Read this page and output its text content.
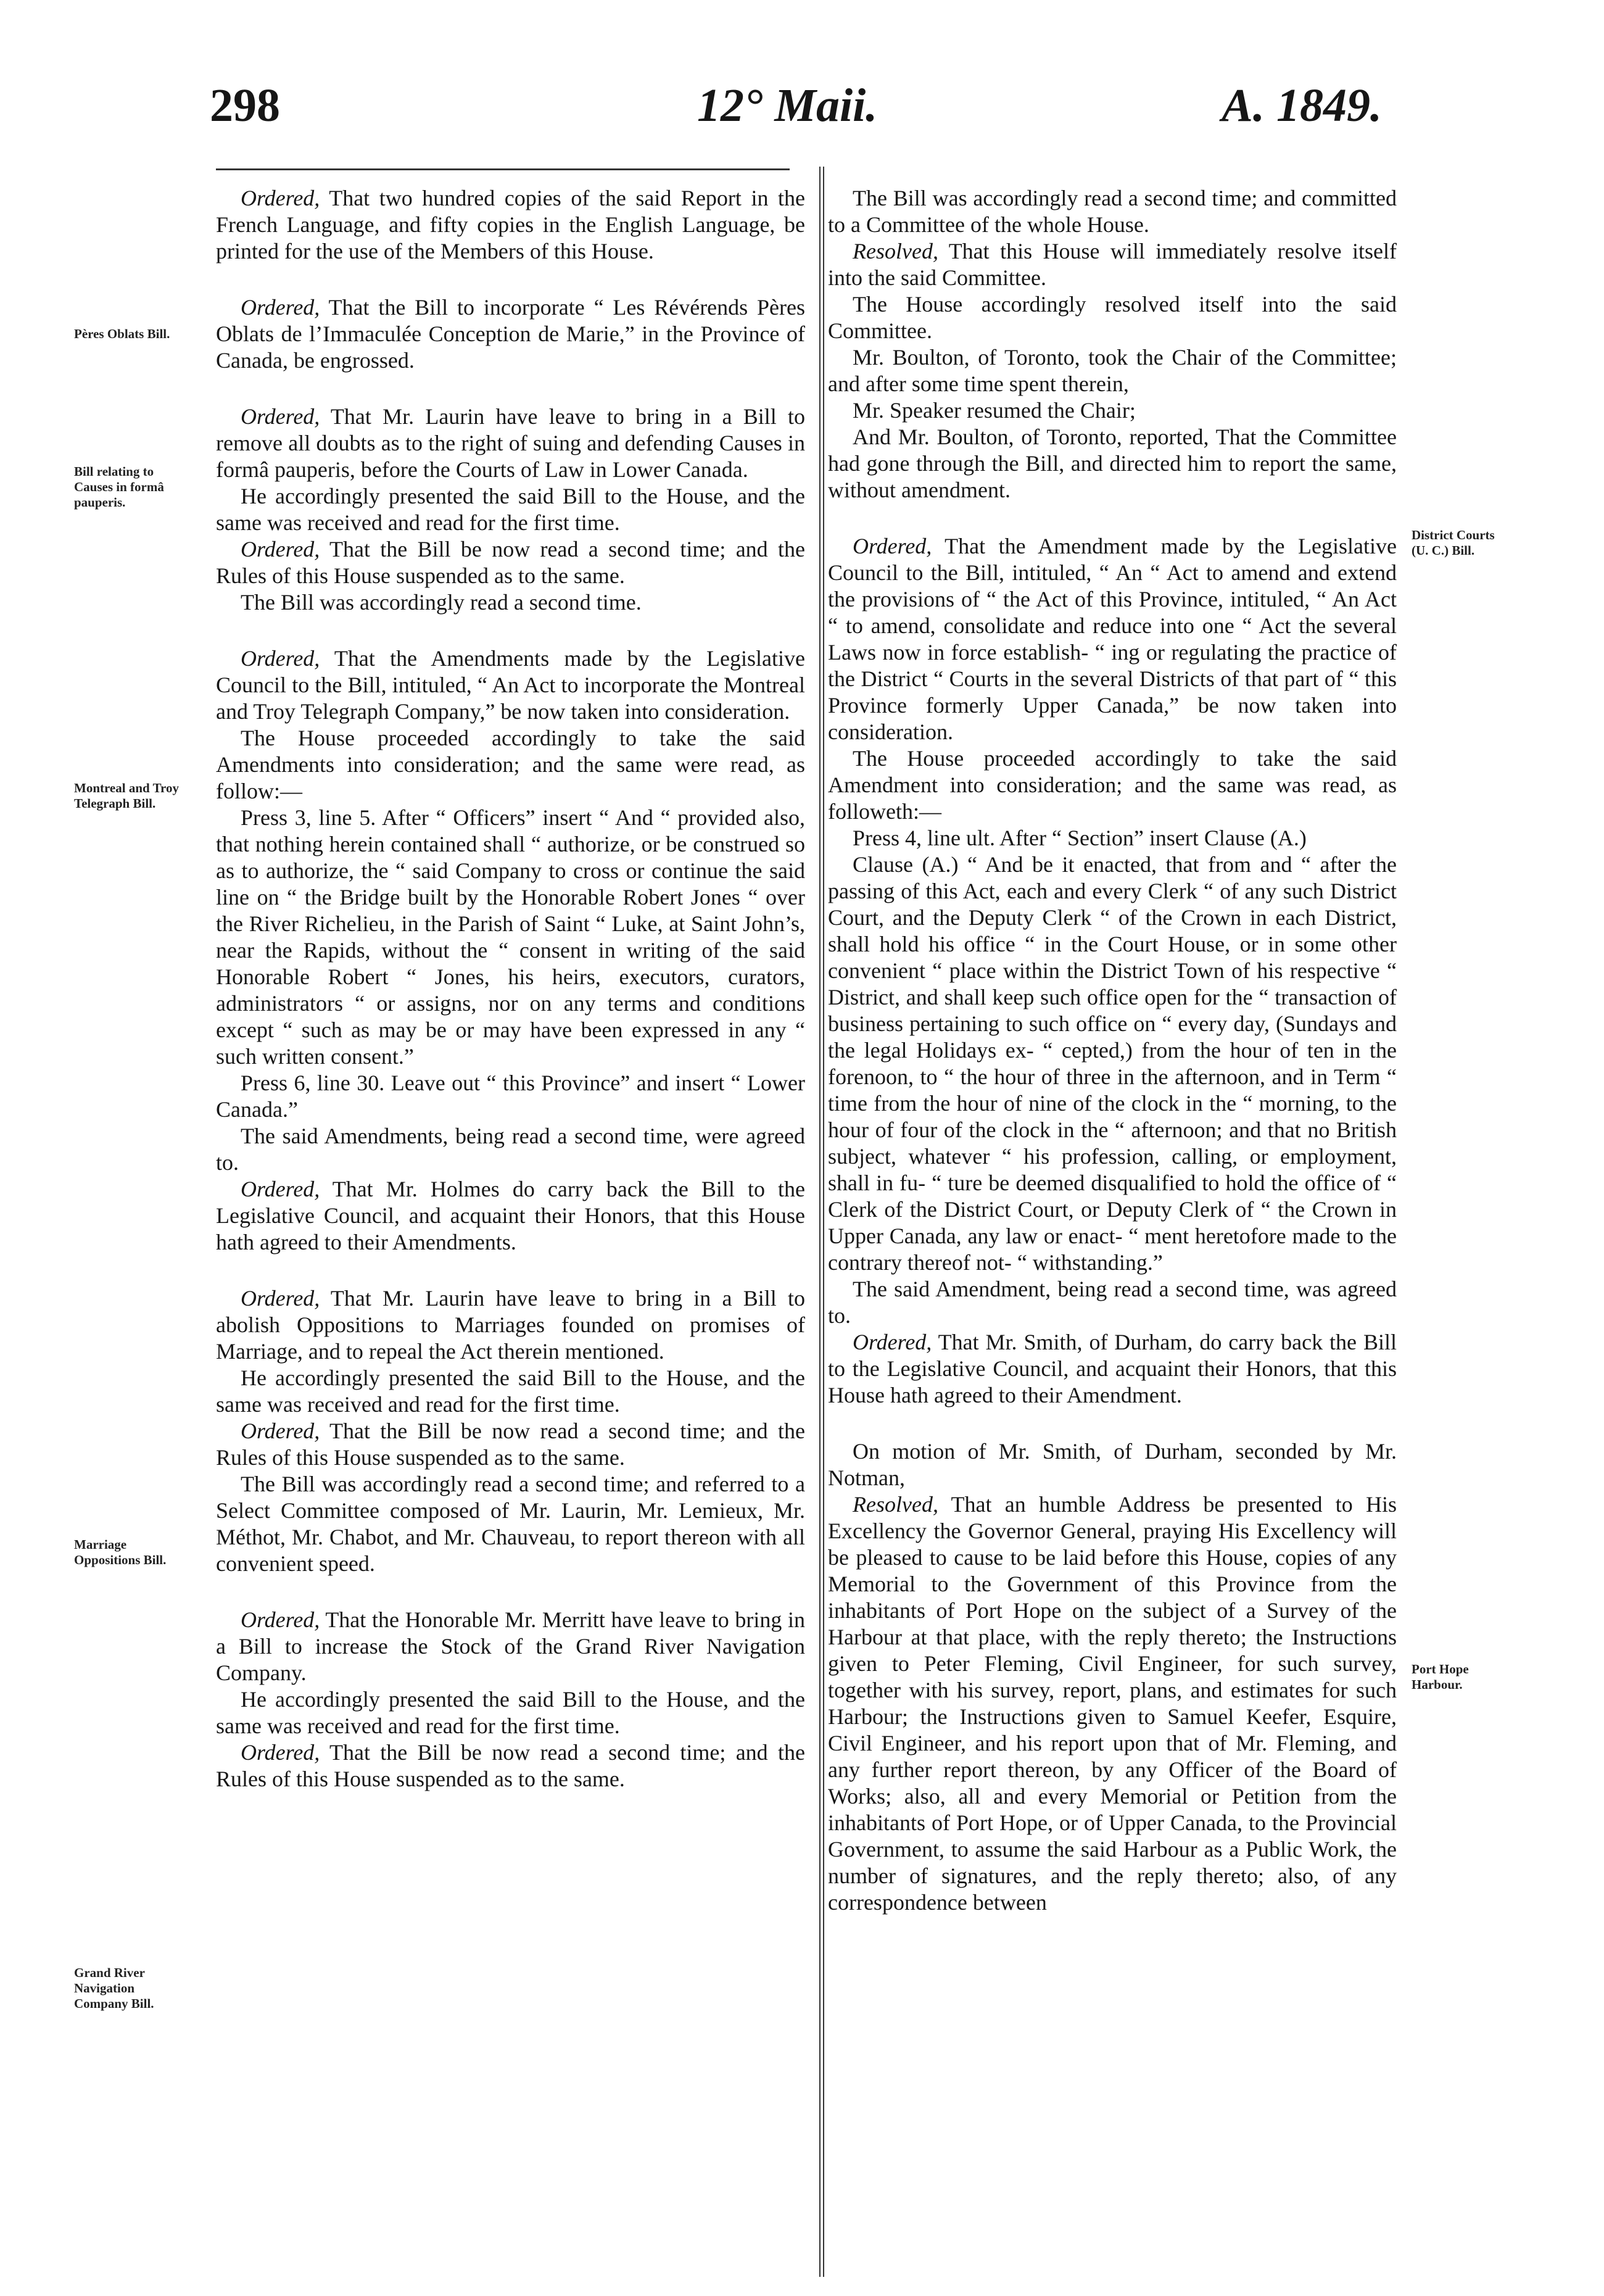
298	12° Maii.	A. 1849.
Pères Oblats Bill.
Bill relating to Causes in formâ pauperis.
Montreal and Troy Telegraph Bill.
Marriage Oppositions Bill.
Grand River Navigation Company Bill.
District Courts (U. C.) Bill.
Port Hope Harbour.

Ordered, That two hundred copies of the said Report in the French Language, and fifty copies in the English Language, be printed for the use of the Members of this House.

Ordered, That the Bill to incorporate “ Les Révérends Pères Oblats de l’Immaculée Conception de Marie,” in the Province of Canada, be engrossed.

Ordered, That Mr. Laurin have leave to bring in a Bill to remove all doubts as to the right of suing and defending Causes in formâ pauperis, before the Courts of Law in Lower Canada.

He accordingly presented the said Bill to the House, and the same was received and read for the first time.

Ordered, That the Bill be now read a second time; and the Rules of this House suspended as to the same.

The Bill was accordingly read a second time.

Ordered, That the Amendments made by the Legislative Council to the Bill, intituled, “ An Act to incorporate the Montreal and Troy Telegraph Company,” be now taken into consideration.

The House proceeded accordingly to take the said Amendments into consideration; and the same were read, as follow:—

Press 3, line 5. After “ Officers” insert “ And “ provided also, that nothing herein contained shall “ authorize, or be construed so as to authorize, the “ said Company to cross or continue the said line on “ the Bridge built by the Honorable Robert Jones “ over the River Richelieu, in the Parish of Saint “ Luke, at Saint John’s, near the Rapids, without the “ consent in writing of the said Honorable Robert “ Jones, his heirs, executors, curators, administrators “ or assigns, nor on any terms and conditions except “ such as may be or may have been expressed in any “ such written consent.”

Press 6, line 30. Leave out “ this Province” and insert “ Lower Canada.”

The said Amendments, being read a second time, were agreed to.

Ordered, That Mr. Holmes do carry back the Bill to the Legislative Council, and acquaint their Honors, that this House hath agreed to their Amendments.

Ordered, That Mr. Laurin have leave to bring in a Bill to abolish Oppositions to Marriages founded on promises of Marriage, and to repeal the Act therein mentioned.

He accordingly presented the said Bill to the House, and the same was received and read for the first time.

Ordered, That the Bill be now read a second time; and the Rules of this House suspended as to the same.

The Bill was accordingly read a second time; and referred to a Select Committee composed of Mr. Laurin, Mr. Lemieux, Mr. Méthot, Mr. Chabot, and Mr. Chauveau, to report thereon with all convenient speed.

Ordered, That the Honorable Mr. Merritt have leave to bring in a Bill to increase the Stock of the Grand River Navigation Company.

He accordingly presented the said Bill to the House, and the same was received and read for the first time.

Ordered, That the Bill be now read a second time; and the Rules of this House suspended as to the same.

The Bill was accordingly read a second time; and committed to a Committee of the whole House.

Resolved, That this House will immediately resolve itself into the said Committee.

The House accordingly resolved itself into the said Committee.

Mr. Boulton, of Toronto, took the Chair of the Committee; and after some time spent therein,

Mr. Speaker resumed the Chair;

And Mr. Boulton, of Toronto, reported, That the Committee had gone through the Bill, and directed him to report the same, without amendment.

Ordered, That the Amendment made by the Legislative Council to the Bill, intituled, “ An “ Act to amend and extend the provisions of “ the Act of this Province, intituled, “ An Act “ to amend, consolidate and reduce into one “ Act the several Laws now in force establish- “ ing or regulating the practice of the District “ Courts in the several Districts of that part of “ this Province formerly Upper Canada,” be now taken into consideration.

The House proceeded accordingly to take the said Amendment into consideration; and the same was read, as followeth:—

Press 4, line ult. After “ Section” insert Clause (A.)

Clause (A.) “ And be it enacted, that from and “ after the passing of this Act, each and every Clerk “ of any such District Court, and the Deputy Clerk “ of the Crown in each District, shall hold his office “ in the Court House, or in some other convenient “ place within the District Town of his respective “ District, and shall keep such office open for the “ transaction of business pertaining to such office on “ every day, (Sundays and the legal Holidays ex- “ cepted,) from the hour of ten in the forenoon, to “ the hour of three in the afternoon, and in Term “ time from the hour of nine of the clock in the “ morning, to the hour of four of the clock in the “ afternoon; and that no British subject, whatever “ his profession, calling, or employment, shall in fu- “ ture be deemed disqualified to hold the office of “ Clerk of the District Court, or Deputy Clerk of “ the Crown in Upper Canada, any law or enact- “ ment heretofore made to the contrary thereof not- “ withstanding.”

The said Amendment, being read a second time, was agreed to.

Ordered, That Mr. Smith, of Durham, do carry back the Bill to the Legislative Council, and acquaint their Honors, that this House hath agreed to their Amendment.

On motion of Mr. Smith, of Durham, seconded by Mr. Notman,

Resolved, That an humble Address be presented to His Excellency the Governor General, praying His Excellency will be pleased to cause to be laid before this House, copies of any Memorial to the Government of this Province from the inhabitants of Port Hope on the subject of a Survey of the Harbour at that place, with the reply thereto; the Instructions given to Peter Fleming, Civil Engineer, for such survey, together with his survey, report, plans, and estimates for such Harbour; the Instructions given to Samuel Keefer, Esquire, Civil Engineer, and his report upon that of Mr. Fleming, and any further report thereon, by any Officer of the Board of Works; also, all and every Memorial or Petition from the inhabitants of Port Hope, or of Upper Canada, to the Provincial Government, to assume the said Harbour as a Public Work, the number of signatures, and the reply thereto; also, of any correspondence between
